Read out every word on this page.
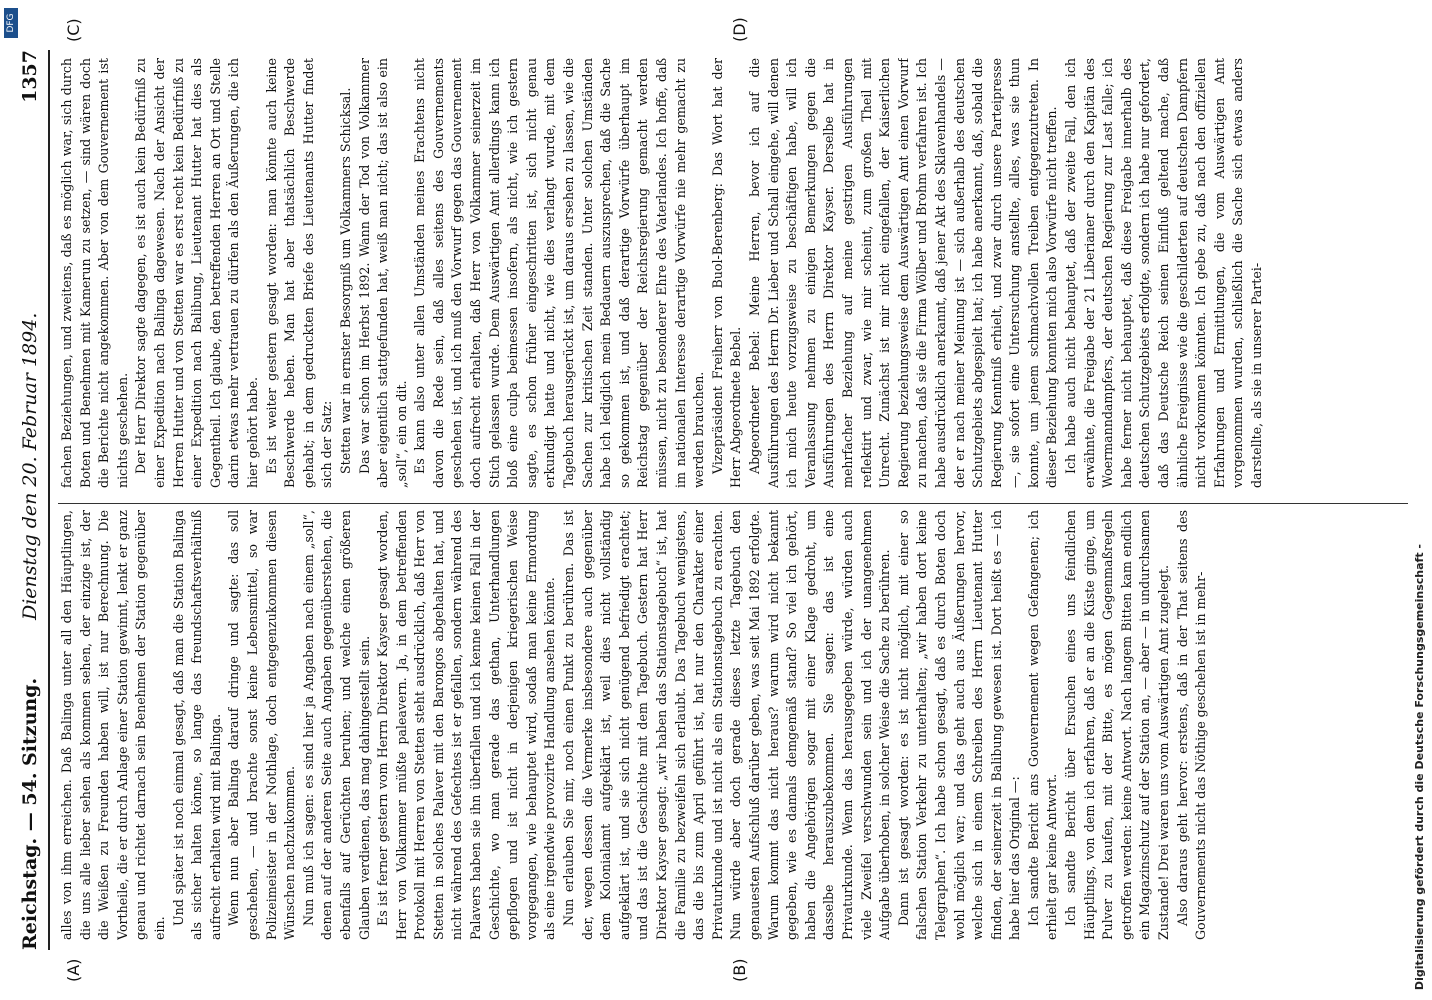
DFG
Reichstag. — 54. Sitzung.
Dienstag den 20. Februar 1894.
1357
(A)	(B)
(C)	(D)

alles von ihm erreichen. Daß Balinga unter all den Häuptlingen, die uns alle lieber sehen als kommen sehen, der einzige ist, der die Weißen zu Freunden haben will, ist nur Berechnung. Die Vortheile, die er durch Anlage einer Station gewinnt, lenkt er ganz genau und richtet darnach sein Benehmen der Station gegenüber ein.

Und später ist noch einmal gesagt, daß man die Station Balinga als sicher halten könne, so lange das freundschaftsverhältniß aufrecht erhalten wird mit Balinga. Wenn nun aber Balinga darauf dringe und sagte: das soll geschehen, — und brachte sonst keine Lebensmittel, so war Polizeimeister in der Nothlage, doch entgegenzukommen diesen Wünschen nachzukommen. Nun muß ich sagen: es sind hier ja Angaben nach einem „soll“, denen auf der anderen Seite auch Angaben gegenüberstehen, die ebenfalls auf Gerüchten beruhen; und welche einen größeren Glauben verdienen, das mag dahingestellt sein. Es ist ferner gestern vom Herrn Direktor Kayser gesagt worden, Herr von Volkammer müßte paleavern. Ja, in dem betreffenden Protokoll mit Herren von Stetten steht ausdrücklich, daß Herr von Stetten in solches Palaver mit den Barongos abgehalten hat, und nicht während des Gefechtes ist er gefallen, sondern während des Palavers haben sie ihn überfallen und ich kenne keinen Fall in der Geschichte, wo man gerade das gethan, Unterhandlungen gepflogen und ist nicht in derjenigen kriegerischen Weise vorgegangen, wie behauptet wird, sodaß man keine Ermordung als eine irgendwie provozirte Handlung ansehen könnte. Nun erlauben Sie mir, noch einen Punkt zu berühren. Das ist der, wegen dessen die Vermerke insbesondere auch gegenüber dem Kolonialamt aufgeklärt ist, weil dies nicht vollständig aufgeklärt ist, und sie sich nicht genügend befriedigt erachtet; und das ist die Geschichte mit dem Tagebuch. Gestern hat Herr Direktor Kayser gesagt: „wir haben das Stationstagebuch“ ist, hat die Familie zu bezweifeln sich erlaubt. Das Tagebuch wenigstens, das die bis zum April geführt ist, hat nur den Charakter einer Privaturkunde und ist nicht als ein Stationstagebuch zu erachten. Nun würde aber doch gerade dieses letzte Tagebuch den genauesten Aufschluß darüber geben, was seit Mai 1892 erfolgte. Warum kommt das nicht heraus? warum wird nicht bekannt gegeben, wie es damals demgemäß stand? So viel ich gehört, haben die Angehörigen sogar mit einer Klage gedroht, um dasselbe herauszubekommen. Sie sagen: das ist eine Privaturkunde. Wenn das herausgegeben würde, würden auch viele Zweifel verschwunden sein und ich der unangenehmen Aufgabe überhoben, in solcher Weise die Sache zu berühren. Dann ist gesagt worden: es ist nicht möglich, mit einer so falschen Station Verkehr zu unterhalten; „wir haben dort keine Telegraphen“. Ich habe schon gesagt, daß es durch Boten doch wohl möglich war; und das geht auch aus Äußerungen hervor, welche sich in einem Schreiben des Herrn Lieutenant Hutter finden, der seinerzeit in Balibung gewesen ist. Dort heißt es — ich habe hier das Original —: Ich sandte Bericht ans Gouvernement wegen Gefangenen; ich erhielt gar keine Antwort. Ich sandte Bericht über Ersuchen eines uns feindlichen Häuptlings, von dem ich erfahren, daß er an die Küste ginge, um Pulver zu kaufen, mit der Bitte, es mögen Gegenmaßregeln getroffen werden: keine Antwort. Nach langem Bitten kam endlich ein Magazinschutz auf der Station an, — aber — in undurchsamen Zustande! Drei waren uns vom Auswärtigen Amt zugelegt. Also daraus geht hervor: erstens, daß in der That seitens des Gouvernements nicht das Nöthige geschehen ist in mehr-

fachen Beziehungen, und zweitens, daß es möglich war, sich durch Boten und Benehmen mit Kamerun zu setzen, — sind wären doch die Berichte nicht angekommen. Aber von dem Gouvernement ist nichts geschehen. Der Herr Direktor sagte dagegen, es ist auch kein Bedürfniß zu einer Expedition nach Balinga dagewesen. Nach der Ansicht der Herren Hutter und von Stetten war es erst recht kein Bedürfniß zu einer Expedition nach Balibung, Lieutenant Hutter hat dies als Gegentheil. Ich glaube, den betreffenden Herren an Ort und Stelle darin etwas mehr vertrauen zu dürfen als den Äußerungen, die ich hier gehört habe. Es ist weiter gestern gesagt worden: man könnte auch keine Beschwerde heben. Man hat aber thatsächlich Beschwerde gehabt; in dem gedruckten Briefe des Lieutenants Hutter findet sich der Satz: Stetten war in ernster Besorgniß um Volkammers Schicksal. Das war schon im Herbst 1892. Wann der Tod von Volkammer aber eigentlich stattgefunden hat, weiß man nicht; das ist also ein „soll“, ein on dit. Es kann also unter allen Umständen meines Erachtens nicht davon die Rede sein, daß alles seitens des Gouvernements geschehen ist, und ich muß den Vorwurf gegen das Gouvernement doch aufrecht erhalten, daß Herr von Volkammer seinerzeit im Stich gelassen wurde. Dem Auswärtigen Amt allerdings kann ich bloß eine culpa beimessen insofern, als nicht, wie ich gestern sagte, es schon früher eingeschritten ist, sich nicht genau erkundigt hatte und nicht, wie dies verlangt wurde, mit dem Tagebuch herausgerückt ist, um daraus ersehen zu lassen, wie die Sachen zur kritischen Zeit standen. Unter solchen Umständen habe ich lediglich mein Bedauern auszusprechen, daß die Sache so gekommen ist, und daß derartige Vorwürfe überhaupt im Reichstag gegenüber der Reichsregierung gemacht werden müssen, nicht zu besonderer Ehre des Vaterlandes. Ich hoffe, daß im nationalen Interesse derartige Vorwürfe nie mehr gemacht zu werden brauchen. Vizepräsident Freiherr von Buol-Berenberg: Das Wort hat der Herr Abgeordnete Bebel. Abgeordneter Bebel: Meine Herren, bevor ich auf die Ausführungen des Herrn Dr. Lieber und Schall eingehe, will denen ich mich heute vorzugsweise zu beschäftigen habe, will ich Veranlassung nehmen zu einigen Bemerkungen gegen die Ausführungen des Herrn Direktor Kayser. Derselbe hat in mehrfacher Beziehung auf meine gestrigen Ausführungen reflektirt und zwar, wie mir scheint, zum großen Theil mit Unrecht. Zunächst ist mir nicht eingefallen, der Kaiserlichen Regierung beziehungsweise dem Auswärtigen Amt einen Vorwurf zu machen, daß sie die Firma Wölber und Brohm verfahren ist. Ich habe ausdrücklich anerkannt, daß jener Akt des Sklavenhandels — der er nach meiner Meinung ist — sich außerhalb des deutschen Schutzgebiets abgespielt hat; ich habe anerkannt, daß, sobald die Regierung Kenntniß erhielt, und zwar durch unsere Parteipresse —, sie sofort eine Untersuchung anstellte, alles, was sie thun konnte, um jenem schmachvollen Treiben entgegenzutreten. In dieser Beziehung konnten mich also Vorwürfe nicht treffen. Ich habe auch nicht behauptet, daß der zweite Fall, den ich erwähnte, die Freigabe der 21 Liberianer durch den Kapitän des Woermanndampfers, der deutschen Regierung zur Last falle; ich habe ferner nicht behauptet, daß diese Freigabe innerhalb des deutschen Schutzgebiets erfolgte, sondern ich habe nur gefordert, daß das Deutsche Reich seinen Einfluß geltend mache, daß ähnliche Ereignisse wie die geschilderten auf deutschen Dampfern nicht vorkommen könnten. Ich gebe zu, daß nach den offiziellen Erfahrungen und Ermittlungen, die vom Auswärtigen Amt vorgenommen wurden, schließlich die Sache sich etwas anders darstellte, als sie in unserer Partei-

Digitalisierung gefördert durch die Deutsche Forschungsgemeinschaft -
